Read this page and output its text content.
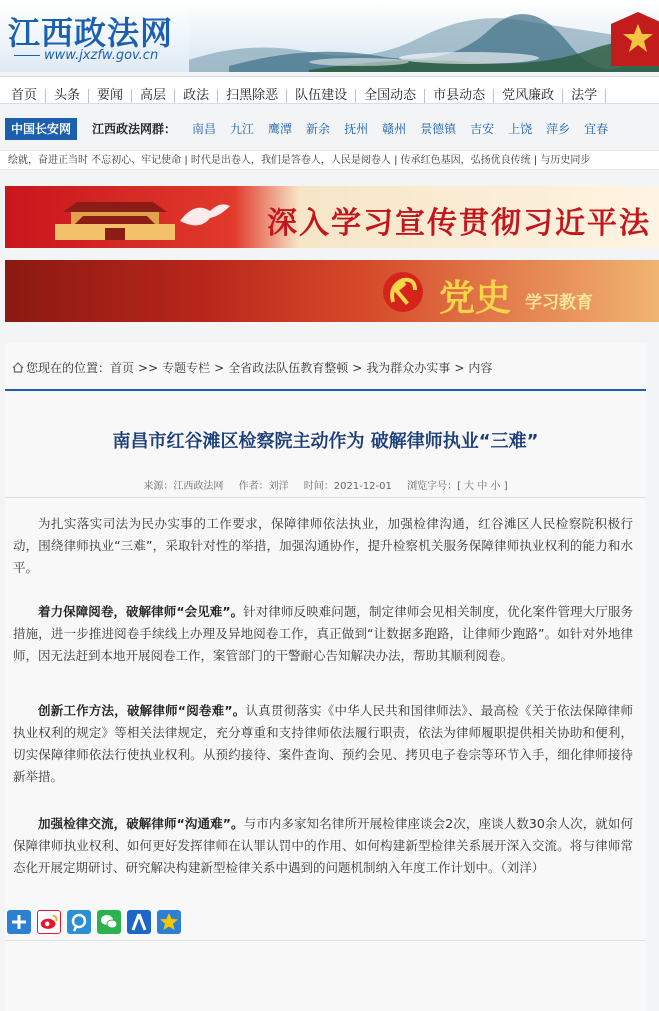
江西政法网
www.jxzfw.gov.cn
首页 头条 要闻 高层 政法 扫黑除恶 队伍建设 全国动态 市县动态 党风廉政 法学
中国长安网	江西政法网群： 南昌 九江 鹰潭 新余 抚州 赣州 景德镇 吉安 上饶 萍乡 宜春
绘就，奋进正当时 不忘初心、牢记使命 | 时代是出卷人，我们是答卷人，人民是阅卷人 | 传承红色基因，弘扬优良传统 | 与历史同步
深入学习宣传贯彻习近平法
党史 学习教育
您现在的位置：首页 >> 专题专栏 > 全省政法队伍教育整顿 > 我为群众办实事 > 内容
南昌市红谷滩区检察院主动作为 破解律师执业“三难”
来源：江西政法网 作者：刘洋 时间：2021-12-01 浏览字号：[ 大 中 小 ]

为扎实落实司法为民办实事的工作要求，保障律师依法执业，加强检律沟通，红谷滩区人民检察院积极行动，围绕律师执业“三难”，采取针对性的举措，加强沟通协作，提升检察机关服务保障律师执业权利的能力和水平。

着力保障阅卷，破解律师“会见难”。针对律师反映难问题，制定律师会见相关制度，优化案件管理大厅服务措施，进一步推进阅卷手续线上办理及异地阅卷工作，真正做到“让数据多跑路，让律师少跑路”。如针对外地律师，因无法赶到本地开展阅卷工作，案管部门的干警耐心告知解决办法，帮助其顺利阅卷。

创新工作方法，破解律师“阅卷难”。认真贯彻落实《中华人民共和国律师法》、最高检《关于依法保障律师执业权利的规定》等相关法律规定，充分尊重和支持律师依法履行职责，依法为律师履职提供相关协助和便利，切实保障律师依法行使执业权利。从预约接待、案件查询、预约会见、拷贝电子卷宗等环节入手，细化律师接待新举措。

加强检律交流，破解律师“沟通难”。与市内多家知名律所开展检律座谈会2次，座谈人数30余人次，就如何保障律师执业权利、如何更好发挥律师在认罪认罚中的作用、如何构建新型检律关系展开深入交流。将与律师常态化开展定期研讨、研究解决构建新型检律关系中遇到的问题机制纳入年度工作计划中。（刘洋）
